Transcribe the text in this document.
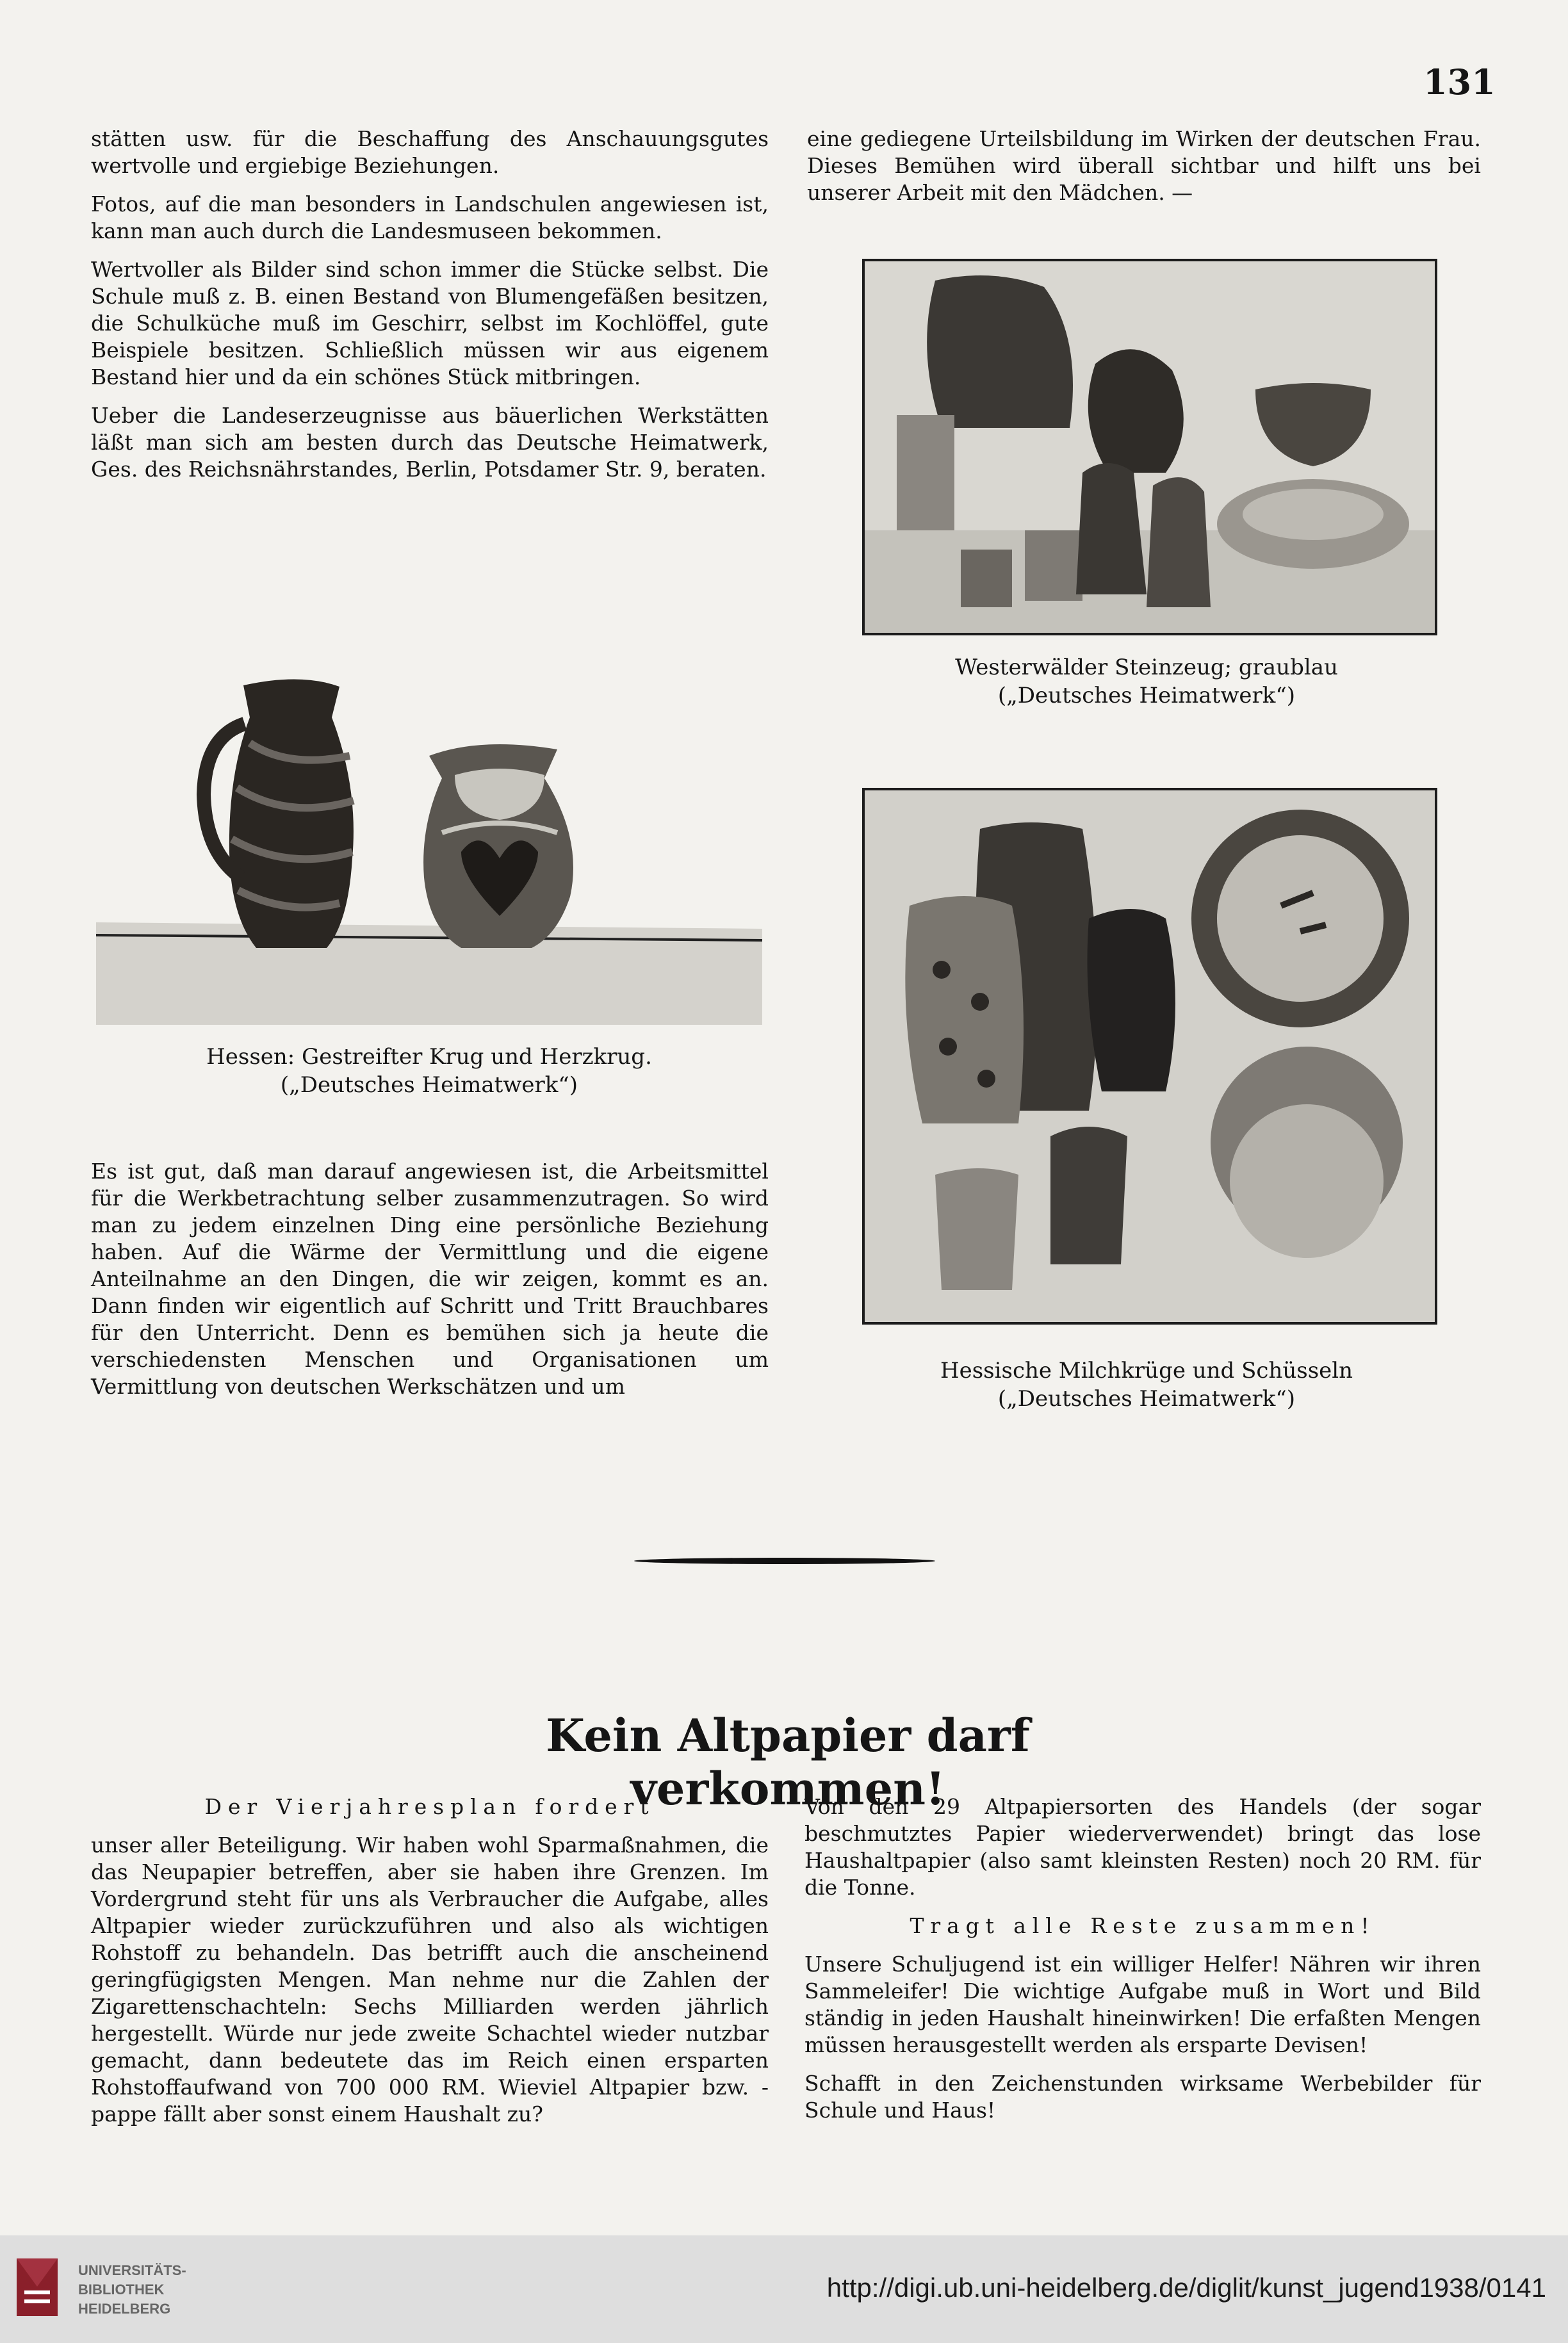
131

stätten usw. für die Beschaffung des Anschauungsgutes wertvolle und ergiebige Beziehungen.

Fotos, auf die man besonders in Landschulen angewiesen ist, kann man auch durch die Landesmuseen bekommen.

Wertvoller als Bilder sind schon immer die Stücke selbst. Die Schule muß z. B. einen Bestand von Blumengefäßen besitzen, die Schulküche muß im Geschirr, selbst im Kochlöffel, gute Beispiele besitzen. Schließlich müssen wir aus eigenem Bestand hier und da ein schönes Stück mitbringen.

Ueber die Landeserzeugnisse aus bäuerlichen Werkstätten läßt man sich am besten durch das Deutsche Heimatwerk, Ges. des Reichsnährstandes, Berlin, Potsdamer Str. 9, beraten.

Hessen: Gestreifter Krug und Herzkrug.
(„Deutsches Heimatwerk“)

Es ist gut, daß man darauf angewiesen ist, die Arbeitsmittel für die Werkbetrachtung selber zusammenzutragen. So wird man zu jedem einzelnen Ding eine persönliche Beziehung haben. Auf die Wärme der Vermittlung und die eigene Anteilnahme an den Dingen, die wir zeigen, kommt es an. Dann finden wir eigentlich auf Schritt und Tritt Brauchbares für den Unterricht. Denn es bemühen sich ja heute die verschiedensten Menschen und Organisationen um Vermittlung von deutschen Werkschätzen und um

eine gediegene Urteilsbildung im Wirken der deutschen Frau. Dieses Bemühen wird überall sichtbar und hilft uns bei unserer Arbeit mit den Mädchen. —

Westerwälder Steinzeug; graublau
(„Deutsches Heimatwerk“)
Hessische Milchkrüge und Schüsseln
(„Deutsches Heimatwerk“)
Kein Altpapier darf verkommen!

Der Vierjahresplan fordert

unser aller Beteiligung. Wir haben wohl Sparmaßnahmen, die das Neupapier betreffen, aber sie haben ihre Grenzen. Im Vordergrund steht für uns als Verbraucher die Aufgabe, alles Altpapier wieder zurückzuführen und also als wichtigen Rohstoff zu behandeln. Das betrifft auch die anscheinend geringfügigsten Mengen. Man nehme nur die Zahlen der Zigarettenschachteln: Sechs Milliarden werden jährlich hergestellt. Würde nur jede zweite Schachtel wieder nutzbar gemacht, dann bedeutete das im Reich einen ersparten Rohstoffaufwand von 700 000 RM. Wieviel Altpapier bzw. -pappe fällt aber sonst einem Haushalt zu?

Von den 29 Altpapiersorten des Handels (der sogar beschmutztes Papier wiederverwendet) bringt das lose Haushaltpapier (also samt kleinsten Resten) noch 20 RM. für die Tonne.

Tragt alle Reste zusammen!

Unsere Schuljugend ist ein williger Helfer! Nähren wir ihren Sammeleifer! Die wichtige Aufgabe muß in Wort und Bild ständig in jeden Haushalt hineinwirken! Die erfaßten Mengen müssen herausgestellt werden als ersparte Devisen!

Schafft in den Zeichenstunden wirksame Werbebilder für Schule und Haus!

UNIVERSITÄTS-
BIBLIOTHEK
HEIDELBERG
http://digi.ub.uni-heidelberg.de/diglit/kunst_jugend1938/0141
